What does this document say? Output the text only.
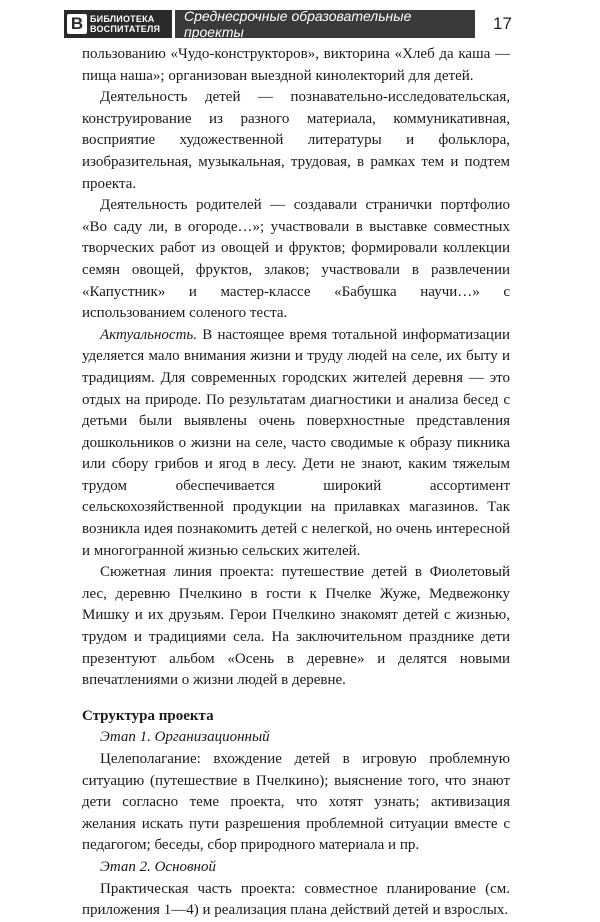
В БИБЛИОТЕКА
ВОСПИТАТЕЛЯ
Среднесрочные образовательные проекты	17

пользованию «Чудо-конструкторов», викторина «Хлеб да каша — пища наша»; организован выездной кинолекторий для детей.

Деятельность детей — познавательно-исследовательская, конструирование из разного материала, коммуникативная, восприятие художественной литературы и фольклора, изобразительная, музыкальная, трудовая, в рамках тем и подтем проекта.

Деятельность родителей — создавали странички портфолио «Во саду ли, в огороде…»; участвовали в выставке совместных творческих работ из овощей и фруктов; формировали коллекции семян овощей, фруктов, злаков; участвовали в развлечении «Капустник» и мастер-классе «Бабушка научи…» с использованием соленого теста.

Актуальность. В настоящее время тотальной информатизации уделяется мало внимания жизни и труду людей на селе, их быту и традициям. Для современных городских жителей деревня — это отдых на природе. По результатам диагностики и анализа бесед с детьми были выявлены очень поверхностные представления дошкольников о жизни на селе, часто сводимые к образу пикника или сбору грибов и ягод в лесу. Дети не знают, каким тяжелым трудом обеспечивается широкий ассортимент сельскохозяйственной продукции на прилавках магазинов. Так возникла идея познакомить детей с нелегкой, но очень интересной и многогранной жизнью сельских жителей.

Сюжетная линия проекта: путешествие детей в Фиолетовый лес, деревню Пчелкино в гости к Пчелке Жуже, Медвежонку Мишку и их друзьям. Герои Пчелкино знакомят детей с жизнью, трудом и традициями села. На заключительном празднике дети презентуют альбом «Осень в деревне» и делятся новыми впечатлениями о жизни людей в деревне.

Структура проекта

Этап 1. Организационный

Целеполагание: вхождение детей в игровую проблемную ситуацию (путешествие в Пчелкино); выяснение того, что знают дети согласно теме проекта, что хотят узнать; активизация желания искать пути разрешения проблемной ситуации вместе с педагогом; беседы, сбор природного материала и пр.

Этап 2. Основной

Практическая часть проекта: совместное планирование (см. приложения 1—4) и реализация плана действий детей и взрослых.
